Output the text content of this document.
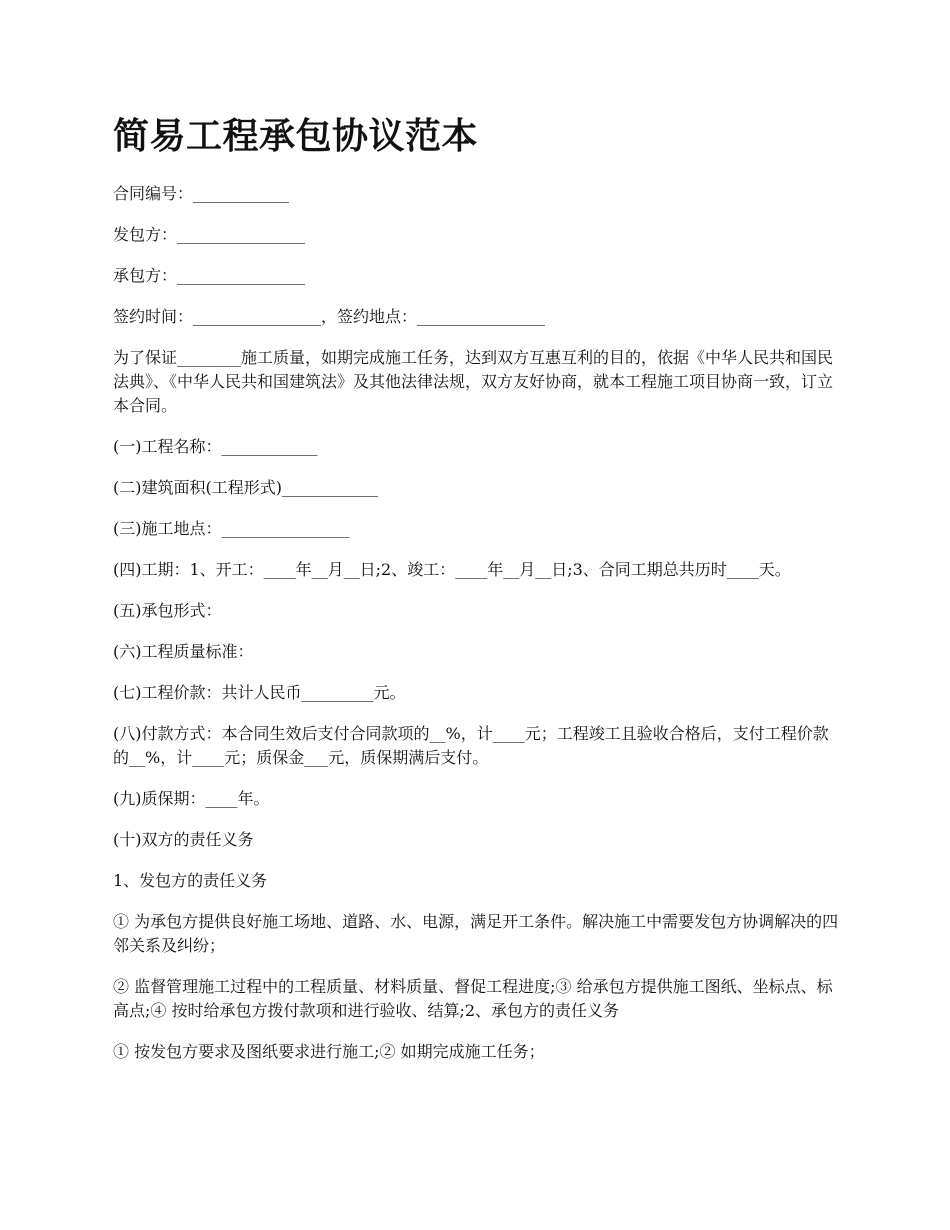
简易工程承包协议范本

合同编号：____________

发包方：________________

承包方：________________

签约时间：________________，签约地点：________________

为了保证________施工质量，如期完成施工任务，达到双方互惠互利的目的，依据《中华人民共和国民法典》、《中华人民共和国建筑法》及其他法律法规，双方友好协商，就本工程施工项目协商一致，订立本合同。

(一)工程名称：____________

(二)建筑面积(工程形式)____________

(三)施工地点：________________

(四)工期：1、开工：____年__月__日;2、竣工：____年__月__日;3、合同工期总共历时____天。

(五)承包形式：

(六)工程质量标准：

(七)工程价款：共计人民币_________元。

(八)付款方式：本合同生效后支付合同款项的__%，计____元；工程竣工且验收合格后，支付工程价款的__%，计____元；质保金___元，质保期满后支付。

(九)质保期：____年。

(十)双方的责任义务

1、发包方的责任义务

① 为承包方提供良好施工场地、道路、水、电源，满足开工条件。解决施工中需要发包方协调解决的四邻关系及纠纷；

② 监督管理施工过程中的工程质量、材料质量、督促工程进度;③ 给承包方提供施工图纸、坐标点、标高点;④ 按时给承包方拨付款项和进行验收、结算;2、承包方的责任义务

① 按发包方要求及图纸要求进行施工;② 如期完成施工任务；
